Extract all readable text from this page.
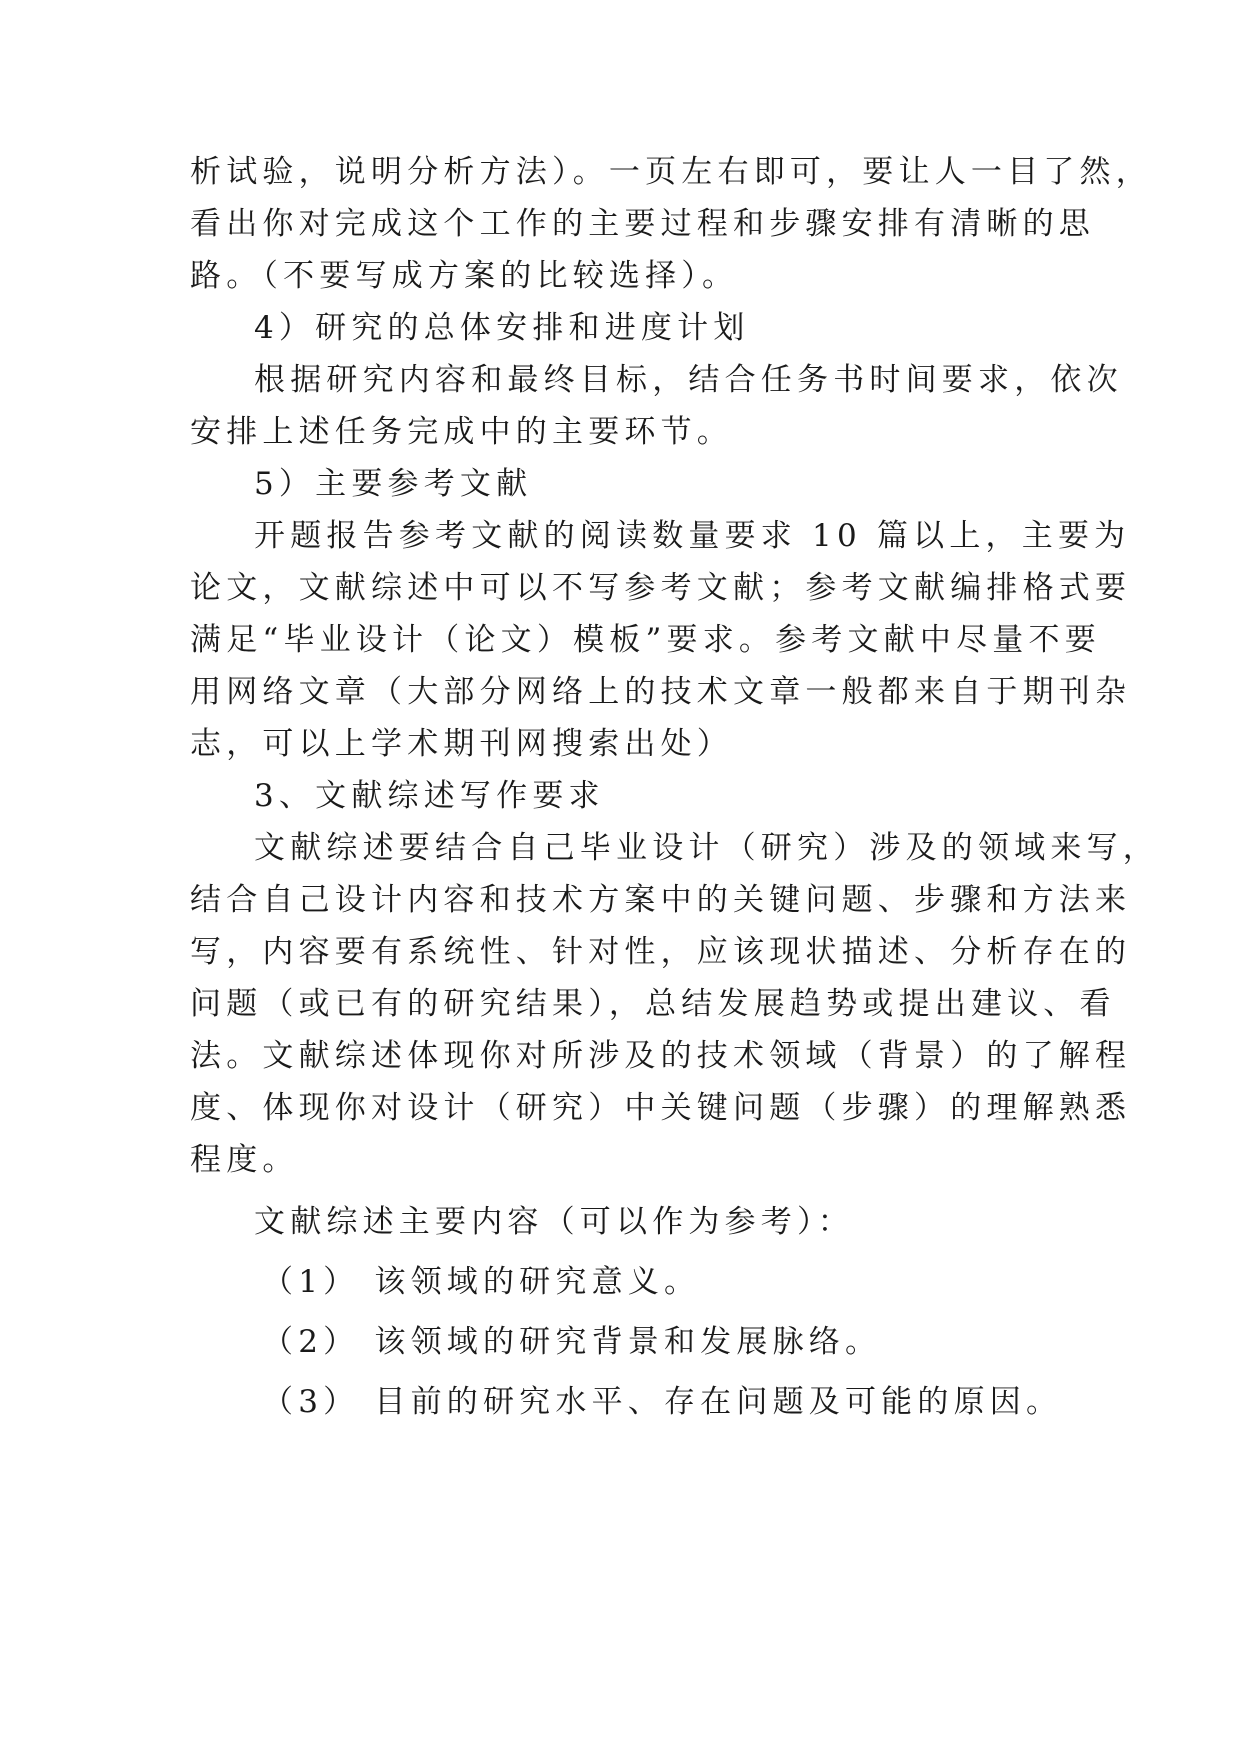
析试验，说明分析方法）。一页左右即可，要让人一目了然，
看出你对完成这个工作的主要过程和步骤安排有清晰的思
路。（不要写成方案的比较选择）。
4）研究的总体安排和进度计划
根据研究内容和最终目标，结合任务书时间要求，依次
安排上述任务完成中的主要环节。
5）主要参考文献
开题报告参考文献的阅读数量要求 10 篇以上，主要为
论文，文献综述中可以不写参考文献；参考文献编排格式要
满足“毕业设计（论文）模板”要求。参考文献中尽量不要
用网络文章（大部分网络上的技术文章一般都来自于期刊杂
志，可以上学术期刊网搜索出处）
3、文献综述写作要求
文献综述要结合自己毕业设计（研究）涉及的领域来写，
结合自己设计内容和技术方案中的关键问题、步骤和方法来
写，内容要有系统性、针对性，应该现状描述、分析存在的
问题（或已有的研究结果），总结发展趋势或提出建议、看
法。文献综述体现你对所涉及的技术领域（背景）的了解程
度、体现你对设计（研究）中关键问题（步骤）的理解熟悉
程度。
文献综述主要内容（可以作为参考）：
（1） 该领域的研究意义。
（2） 该领域的研究背景和发展脉络。
（3） 目前的研究水平、存在问题及可能的原因。
